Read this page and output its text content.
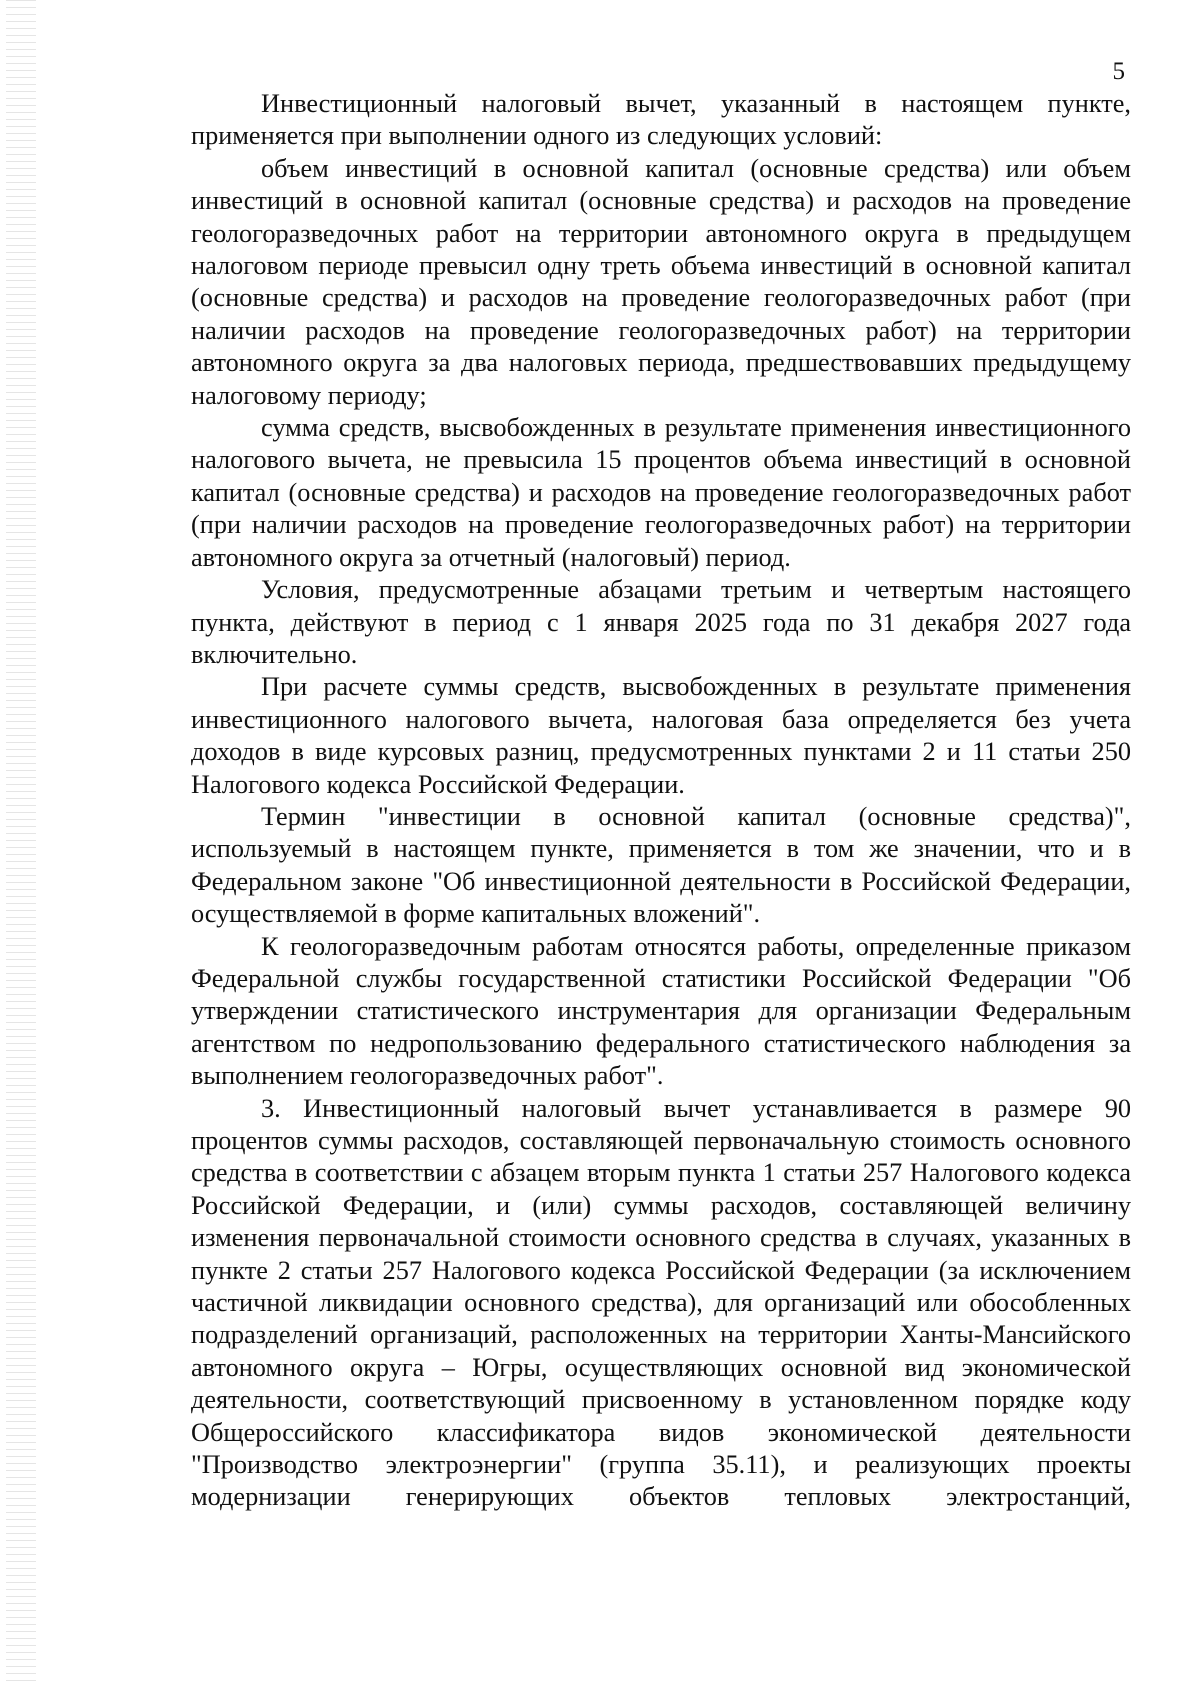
5

Инвестиционный налоговый вычет, указанный в настоящем пункте, применяется при выполнении одного из следующих условий:

объем инвестиций в основной капитал (основные средства) или объем инвестиций в основной капитал (основные средства) и расходов на проведение геологоразведочных работ на территории автономного округа в предыдущем налоговом периоде превысил одну треть объема инвестиций в основной капитал (основные средства) и расходов на проведение геологоразведочных работ (при наличии расходов на проведение геологоразведочных работ) на территории автономного округа за два налоговых периода, предшествовавших предыдущему налоговому периоду;

сумма средств, высвобожденных в результате применения инвестиционного налогового вычета, не превысила 15 процентов объема инвестиций в основной капитал (основные средства) и расходов на проведение геологоразведочных работ (при наличии расходов на проведение геологоразведочных работ) на территории автономного округа за отчетный (налоговый) период.

Условия, предусмотренные абзацами третьим и четвертым настоящего пункта, действуют в период с 1 января 2025 года по 31 декабря 2027 года включительно.

При расчете суммы средств, высвобожденных в результате применения инвестиционного налогового вычета, налоговая база определяется без учета доходов в виде курсовых разниц, предусмотренных пунктами 2 и 11 статьи 250 Налогового кодекса Российской Федерации.

Термин "инвестиции в основной капитал (основные средства)", используемый в настоящем пункте, применяется в том же значении, что и в Федеральном законе "Об инвестиционной деятельности в Российской Федерации, осуществляемой в форме капитальных вложений".

К геологоразведочным работам относятся работы, определенные приказом Федеральной службы государственной статистики Российской Федерации "Об утверждении статистического инструментария для организации Федеральным агентством по недропользованию федерального статистического наблюдения за выполнением геологоразведочных работ".

3. Инвестиционный налоговый вычет устанавливается в размере 90 процентов суммы расходов, составляющей первоначальную стоимость основного средства в соответствии с абзацем вторым пункта 1 статьи 257 Налогового кодекса Российской Федерации, и (или) суммы расходов, составляющей величину изменения первоначальной стоимости основного средства в случаях, указанных в пункте 2 статьи 257 Налогового кодекса Российской Федерации (за исключением частичной ликвидации основного средства), для организаций или обособленных подразделений организаций, расположенных на территории Ханты-Мансийского автономного округа – Югры, осуществляющих основной вид экономической деятельности, соответствующий присвоенному в установленном порядке коду Общероссийского классификатора видов экономической деятельности "Производство электроэнергии" (группа 35.11), и реализующих проекты модернизации генерирующих объектов тепловых электростанций,
